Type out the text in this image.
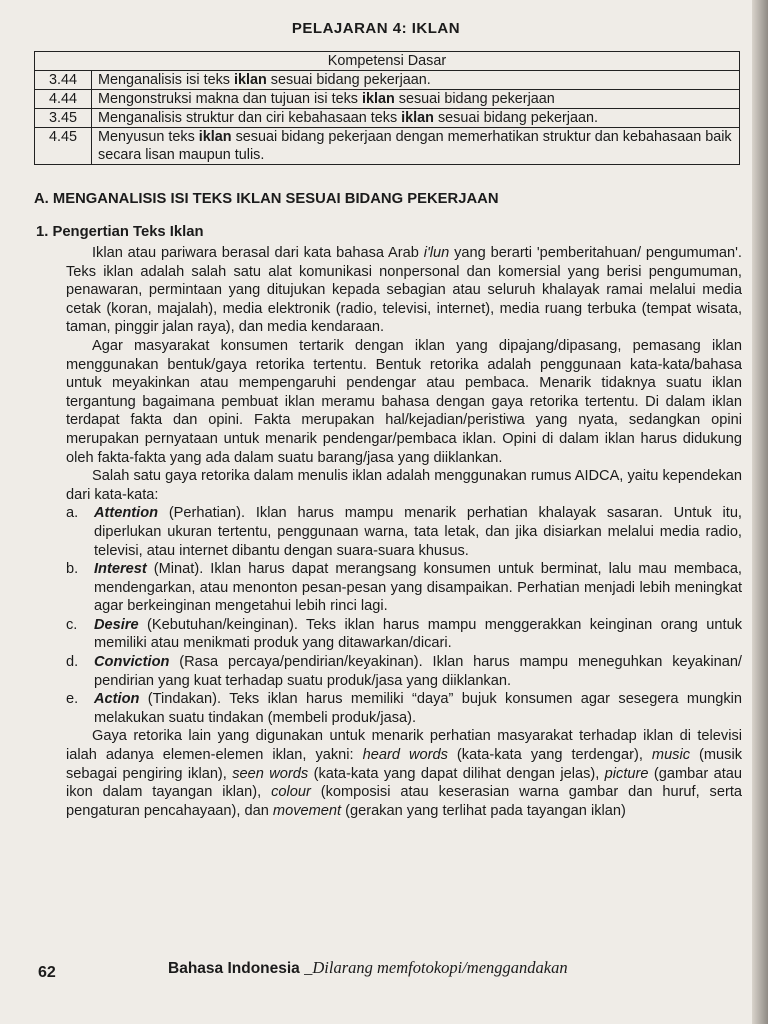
PELAJARAN 4: IKLAN
Kompetensi Dasar	
3.44	Menganalisis isi teks iklan sesuai bidang pekerjaan.
4.44	Mengonstruksi makna dan tujuan isi teks iklan sesuai bidang pekerjaan
3.45	Menganalisis struktur dan ciri kebahasaan teks iklan sesuai bidang pekerjaan.
4.45	Menyusun teks iklan sesuai bidang pekerjaan dengan memerhatikan struktur dan kebahasaan baik secara lisan maupun tulis.
A. MENGANALISIS ISI TEKS IKLAN SESUAI BIDANG PEKERJAAN
1. Pengertian Teks Iklan

Iklan atau pariwara berasal dari kata bahasa Arab i'lun yang berarti 'pemberitahuan/ pengumuman'. Teks iklan adalah salah satu alat komunikasi nonpersonal dan komersial yang berisi pengumuman, penawaran, permintaan yang ditujukan kepada sebagian atau seluruh khalayak ramai melalui media cetak (koran, majalah), media elektronik (radio, televisi, internet), media ruang terbuka (tempat wisata, taman, pinggir jalan raya), dan media kendaraan.

Agar masyarakat konsumen tertarik dengan iklan yang dipajang/dipasang, pemasang iklan menggunakan bentuk/gaya retorika tertentu. Bentuk retorika adalah penggunaan kata-kata/bahasa untuk meyakinkan atau mempengaruhi pendengar atau pembaca. Menarik tidaknya suatu iklan tergantung bagaimana pembuat iklan meramu bahasa dengan gaya retorika tertentu. Di dalam iklan terdapat fakta dan opini. Fakta merupakan hal/kejadian/peristiwa yang nyata, sedangkan opini merupakan pernyataan untuk menarik pendengar/pembaca iklan. Opini di dalam iklan harus didukung oleh fakta-fakta yang ada dalam suatu barang/jasa yang diiklankan.

Salah satu gaya retorika dalam menulis iklan adalah menggunakan rumus AIDCA, yaitu kependekan dari kata-kata:

a. Attention (Perhatian). Iklan harus mampu menarik perhatian khalayak sasaran. Untuk itu, diperlukan ukuran tertentu, penggunaan warna, tata letak, dan jika disiarkan melalui media radio, televisi, atau internet dibantu dengan suara-suara khusus.
b. Interest (Minat). Iklan harus dapat merangsang konsumen untuk berminat, lalu mau membaca, mendengarkan, atau menonton pesan-pesan yang disampaikan. Perhatian menjadi lebih meningkat agar berkeinginan mengetahui lebih rinci lagi.
c. Desire (Kebutuhan/keinginan). Teks iklan harus mampu menggerakkan keinginan orang untuk memiliki atau menikmati produk yang ditawarkan/dicari.
d. Conviction (Rasa percaya/pendirian/keyakinan). Iklan harus mampu meneguhkan keyakinan/ pendirian yang kuat terhadap suatu produk/jasa yang diiklankan.
e. Action (Tindakan). Teks iklan harus memiliki “daya” bujuk konsumen agar sesegera mungkin melakukan suatu tindakan (membeli produk/jasa).

Gaya retorika lain yang digunakan untuk menarik perhatian masyarakat terhadap iklan di televisi ialah adanya elemen-elemen iklan, yakni: heard words (kata-kata yang terdengar), music (musik sebagai pengiring iklan), seen words (kata-kata yang dapat dilihat dengan jelas), picture (gambar atau ikon dalam tayangan iklan), colour (komposisi atau keserasian warna gambar dan huruf, serta pengaturan pencahayaan), dan movement (gerakan yang terlihat pada tayangan iklan)

62	Bahasa Indonesia _Dilarang memfotokopi/menggandakan
